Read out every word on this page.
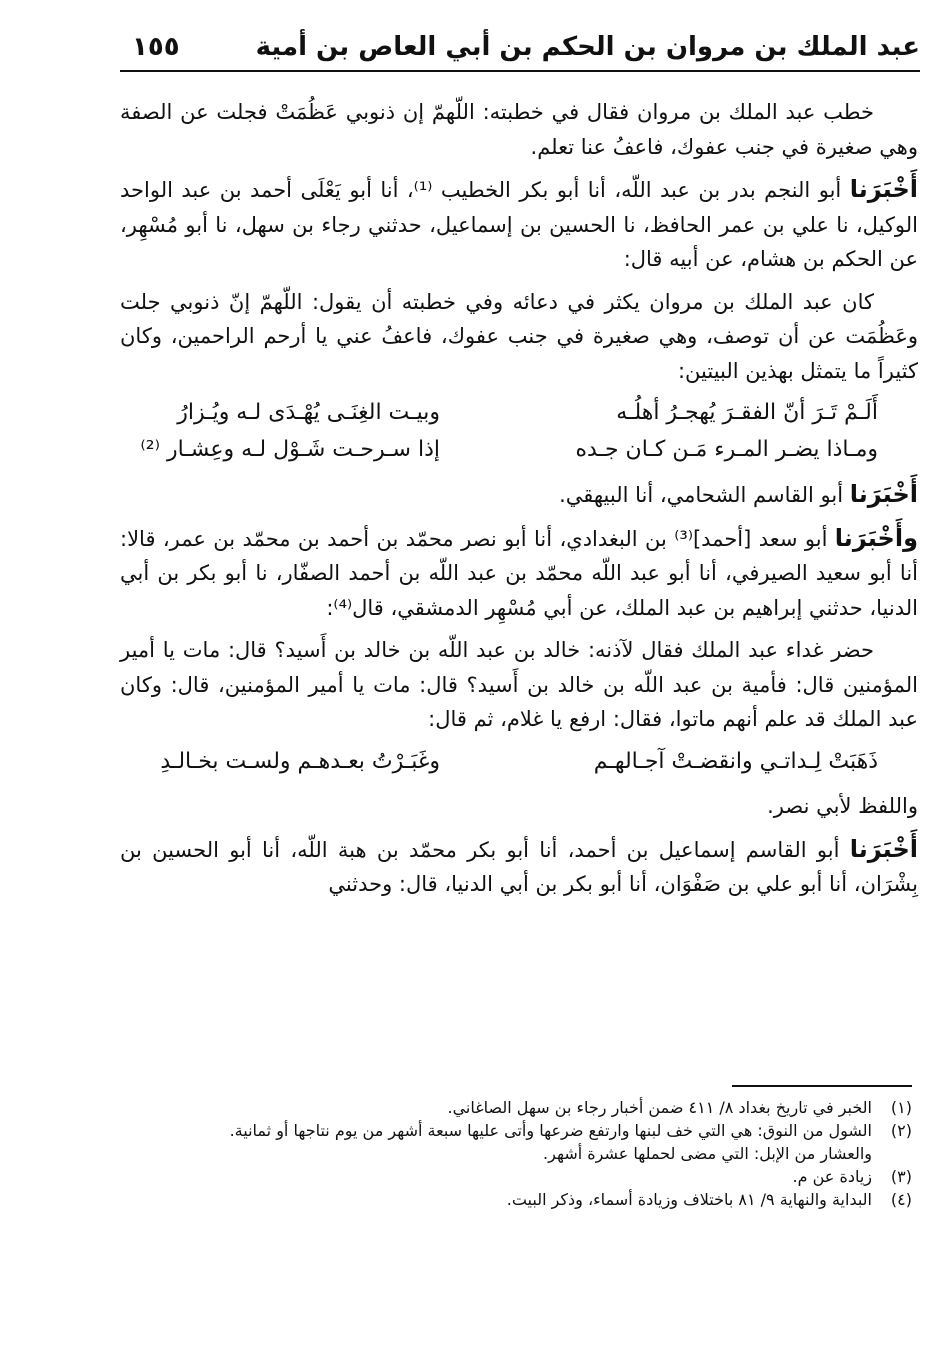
عبد الملك بن مروان بن الحكم بن أبي العاص بن أمية
١٥٥

خطب عبد الملك بن مروان فقال في خطبته: اللّهمّ إن ذنوبي عَظُمَتْ فجلت عن الصفة وهي صغيرة في جنب عفوك، فاعفُ عنا تعلم.

أَخْبَرَنا أبو النجم بدر بن عبد اللّه، أنا أبو بكر الخطيب ⁽¹⁾، أنا أبو يَعْلَى أحمد بن عبد الواحد الوكيل، نا علي بن عمر الحافظ، نا الحسين بن إسماعيل، حدثني رجاء بن سهل، نا أبو مُسْهِر، عن الحكم بن هشام، عن أبيه قال:

كان عبد الملك بن مروان يكثر في دعائه وفي خطبته أن يقول: اللّهمّ إنّ ذنوبي جلت وعَظُمَت عن أن توصف، وهي صغيرة في جنب عفوك، فاعفُ عني يا أرحم الراحمين، وكان كثيراً ما يتمثل بهذين البيتين:

أَلَـمْ تَـرَ أنّ الفقـرَ يُهجـرُ أهلُـه
وبيـت الغِنَـى يُهْـدَى لـه ويُـزارُ
ومـاذا يضـر المـرء مَـن كـان جـده
إذا سـرحـت شَـوْل لـه وعِشـار ⁽²⁾

أَخْبَرَنا أبو القاسم الشحامي، أنا البيهقي.

وأَخْبَرَنا أبو سعد [أحمد]⁽³⁾ بن البغدادي، أنا أبو نصر محمّد بن أحمد بن محمّد بن عمر، قالا: أنا أبو سعيد الصيرفي، أنا أبو عبد اللّه محمّد بن عبد اللّه بن أحمد الصفّار، نا أبو بكر بن أبي الدنيا، حدثني إبراهيم بن عبد الملك، عن أبي مُسْهِر الدمشقي، قال⁽⁴⁾:

حضر غداء عبد الملك فقال لآذنه: خالد بن عبد اللّه بن خالد بن أَسيد؟ قال: مات يا أمير المؤمنين قال: فأمية بن عبد اللّه بن خالد بن أَسيد؟ قال: مات يا أمير المؤمنين، قال: وكان عبد الملك قد علم أنهم ماتوا، فقال: ارفع يا غلام، ثم قال:

ذَهَبَتْ لِـداتـي وانقضـتْ آجـالهـم
وغَبَـرْتُ بعـدهـم ولسـت بخـالـدِ

واللفظ لأبي نصر.

أَخْبَرَنا أبو القاسم إسماعيل بن أحمد، أنا أبو بكر محمّد بن هبة اللّه، أنا أبو الحسين بن بِشْرَان، أنا أبو علي بن صَفْوَان، أنا أبو بكر بن أبي الدنيا، قال: وحدثني

(١)
الخبر في تاريخ بغداد ٨/ ٤١١ ضمن أخبار رجاء بن سهل الصاغاني.
(٢)
الشول من النوق: هي التي خف لبنها وارتفع ضرعها وأتى عليها سبعة أشهر من يوم نتاجها أو ثمانية.
والعشار من الإبل: التي مضى لحملها عشرة أشهر.
(٣)
زيادة عن م.
(٤)
البداية والنهاية ٩/ ٨١ باختلاف وزيادة أسماء، وذكر البيت.
